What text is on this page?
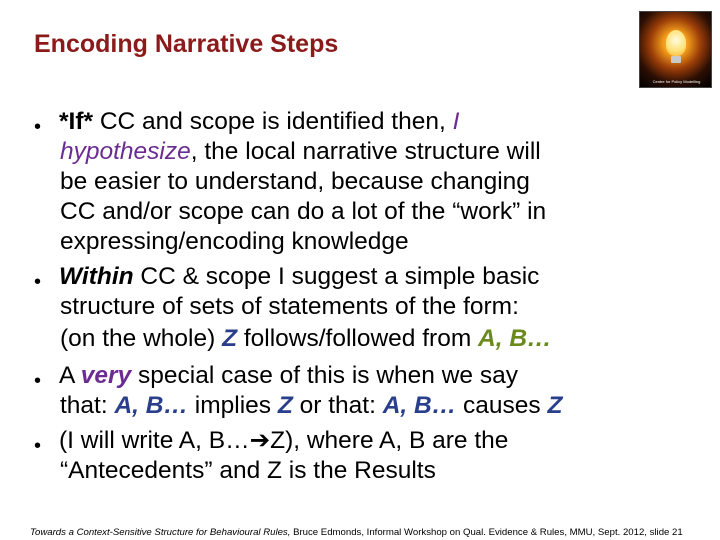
Encoding Narrative Steps
Centre for Policy Modelling
• *If* CC and scope is identified then, I
hypothesize, the local narrative structure will
be easier to understand, because changing
CC and/or scope can do a lot of the “work” in
expressing/encoding knowledge
• Within CC & scope I suggest a simple basic
structure of sets of statements of the form:
(on the whole) Z follows/followed from A, B…
• A very special case of this is when we say
that: A, B… implies Z or that: A, B… causes Z
• (I will write A, B…➔Z), where A, B are the
“Antecedents” and Z is the Results
Towards a Context-Sensitive Structure for Behavioural Rules, Bruce Edmonds, Informal Workshop on Qual. Evidence & Rules, MMU, Sept. 2012, slide 21
